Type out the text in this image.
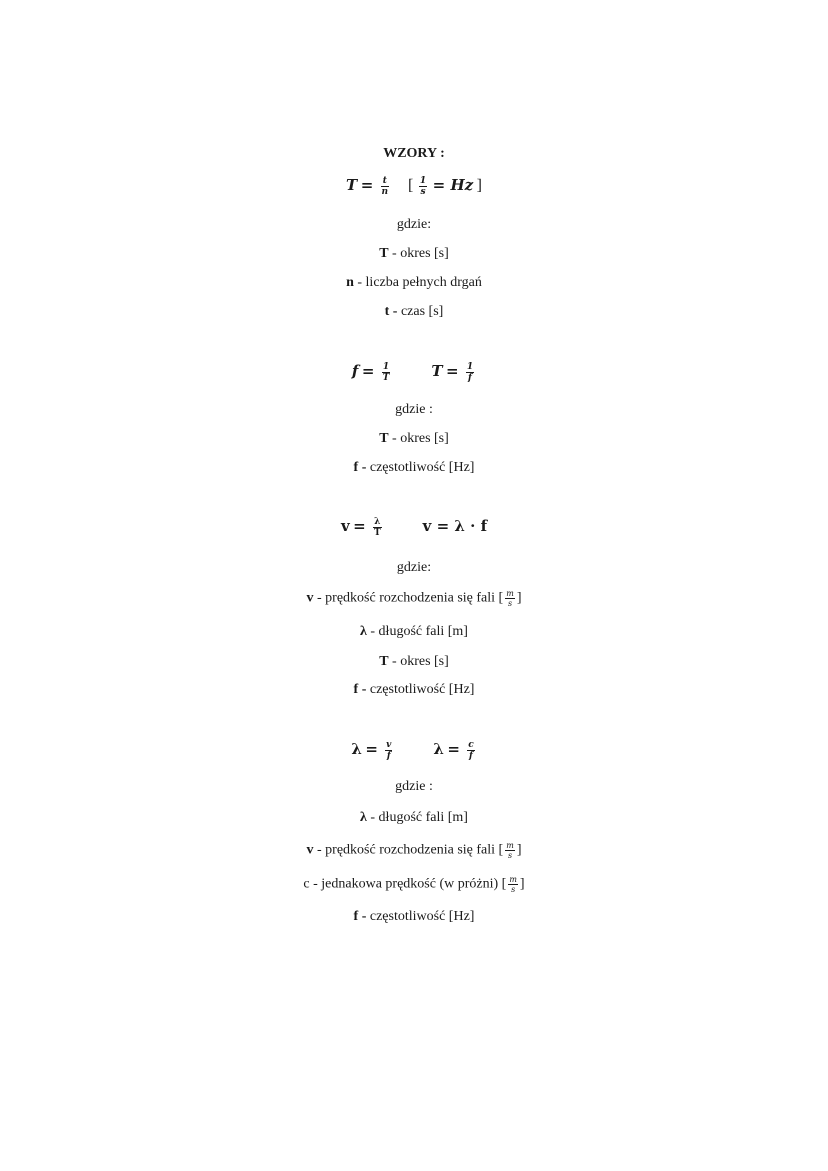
WZORY :
$T = \frac{t}{n}$ [ $\frac{1}{s} = Hz$ ]
gdzie:
T - okres [s]
n - liczba pełnych drgań
t - czas [s]
$f = \frac{1}{T}$	$T = \frac{1}{f}$
gdzie :
T - okres [s]
f - częstotliwość [Hz]
$v = \frac{\lambda}{T}$	v = λ · f
gdzie:
v - prędkość rozchodzenia się fali [ $\frac{m}{s}$ ]
λ - długość fali [m]
T - okres [s]
f - częstotliwość [Hz]
$\lambda = \frac{v}{f}$	$\lambda = \frac{c}{f}$
gdzie :
λ - długość fali [m]
v - prędkość rozchodzenia się fali [ $\frac{m}{s}$ ]
c - jednakowa prędkość (w próżni) [ $\frac{m}{s}$ ]
f - częstotliwość [Hz]
